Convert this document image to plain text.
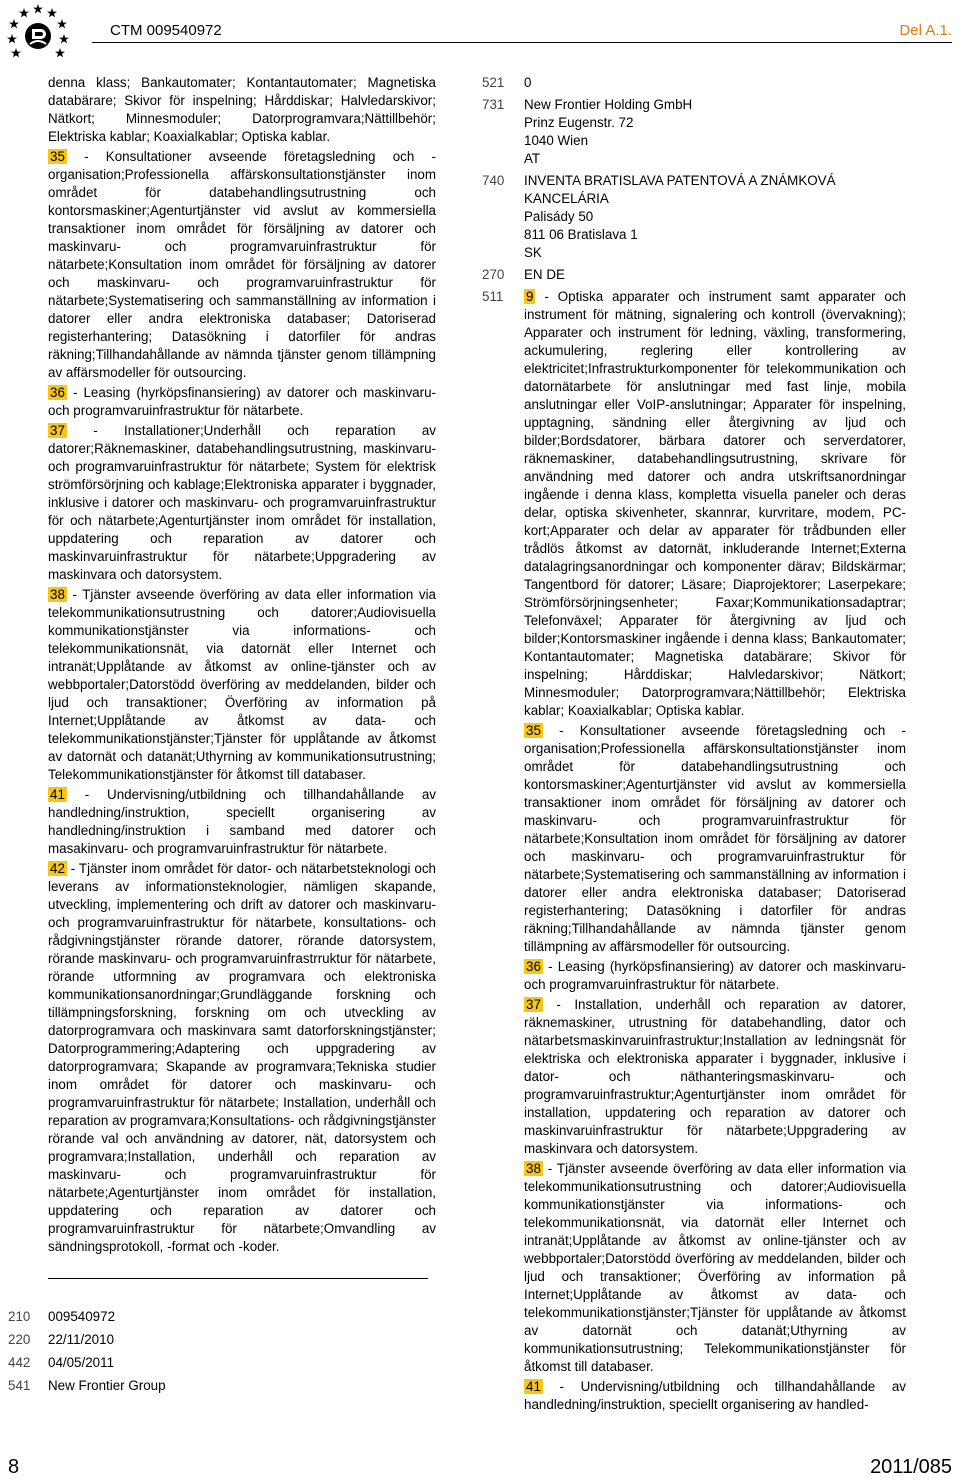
CTM 009540972	Del A.1.

denna klass; Bankautomater; Kontantautomater; Magnetiska databärare; Skivor för inspelning; Hårddiskar; Halvledarskivor; Nätkort; Minnesmoduler; Datorprogramvara;Nättillbehör; Elektriska kablar; Koaxialkablar; Optiska kablar.

35 - Konsultationer avseende företagsledning och -organisation;Professionella affärskonsultationstjänster inom området för databehandlingsutrustning och kontorsmaskiner;Agenturtjänster vid avslut av kommersiella transaktioner inom området för försäljning av datorer och maskinvaru- och programvaruinfrastruktur för nätarbete;Konsultation inom området för försäljning av datorer och maskinvaru- och programvaruinfrastruktur för nätarbete;Systematisering och sammanställning av information i datorer eller andra elektroniska databaser; Datoriserad registerhantering; Datasökning i datorfiler för andras räkning;Tillhandahållande av nämnda tjänster genom tillämpning av affärsmodeller för outsourcing.

36 - Leasing (hyrköpsfinansiering) av datorer och maskinvaru- och programvaruinfrastruktur för nätarbete.

37 - Installationer;Underhåll och reparation av datorer;Räknemaskiner, databehandlingsutrustning, maskinvaru- och programvaruinfrastruktur för nätarbete; System för elektrisk strömförsörjning och kablage;Elektroniska apparater i byggnader, inklusive i datorer och maskinvaru- och programvaruinfrastruktur för och nätarbete;Agenturtjänster inom området för installation, uppdatering och reparation av datorer och maskinvaruinfrastruktur för nätarbete;Uppgradering av maskinvara och datorsystem.

38 - Tjänster avseende överföring av data eller information via telekommunikationsutrustning och datorer;Audiovisuella kommunikationstjänster via informations- och telekommunikationsnät, via datornät eller Internet och intranät;Upplåtande av åtkomst av online-tjänster och av webbportaler;Datorstödd överföring av meddelanden, bilder och ljud och transaktioner; Överföring av information på Internet;Upplåtande av åtkomst av data- och telekommunikationstjänster;Tjänster för upplåtande av åtkomst av datornät och datanät;Uthyrning av kommunikationsutrustning; Telekommunikationstjänster för åtkomst till databaser.

41 - Undervisning/utbildning och tillhandahållande av handledning/instruktion, speciellt organisering av handledning/instruktion i samband med datorer och masakinvaru- och programvaruinfrastruktur för nätarbete.

42 - Tjänster inom området för dator- och nätarbetsteknologi och leverans av informationsteknologier, nämligen skapande, utveckling, implementering och drift av datorer och maskinvaru- och programvaruinfrastruktur för nätarbete, konsultations- och rådgivningstjänster rörande datorer, rörande datorsystem, rörande maskinvaru- och programvaruinfrastrruktur för nätarbete, rörande utformning av programvara och elektroniska kommunikationsanordningar;Grundläggande forskning och tillämpningsforskning, forskning om och utveckling av datorprogramvara och maskinvara samt datorforskningstjänster; Datorprogrammering;Adaptering och uppgradering av datorprogramvara; Skapande av programvara;Tekniska studier inom området för datorer och maskinvaru- och programvaruinfrastruktur för nätarbete; Installation, underhåll och reparation av programvara;Konsultations- och rådgivningstjänster rörande val och användning av datorer, nät, datorsystem och programvara;Installation, underhåll och reparation av maskinvaru- och programvaruinfrastruktur för nätarbete;Agenturtjänster inom området för installation, uppdatering och reparation av datorer och programvaruinfrastruktur för nätarbete;Omvandling av sändningsprotokoll, -format och -koder.

210	009540972
220	22/11/2010
442	04/05/2011
541	New Frontier Group
521	0
731	New Frontier Holding GmbH
Prinz Eugenstr. 72
1040 Wien
AT
740	INVENTA BRATISLAVA PATENTOVÁ A ZNÁMKOVÁ
KANCELÁRIA
Palisády 50
811 06 Bratislava 1
SK
270	EN DE
511	9 - Optiska apparater och instrument samt apparater och instrument för mätning, signalering och kontroll (övervakning); Apparater och instrument för ledning, växling, transformering, ackumulering, reglering eller kontrollering av elektricitet;Infrastrukturkomponenter för telekommunikation och datornätarbete för anslutningar med fast linje, mobila anslutningar eller VoIP-anslutningar; Apparater för inspelning, upptagning, sändning eller återgivning av ljud och bilder;Bordsdatorer, bärbara datorer och serverdatorer, räknemaskiner, databehandlingsutrustning, skrivare för användning med datorer och andra utskriftsanordningar ingående i denna klass, kompletta visuella paneler och deras delar, optiska skivenheter, skannrar, kurvritare, modem, PC-kort;Apparater och delar av apparater för trådbunden eller trådlös åtkomst av datornät, inkluderande Internet;Externa datalagringsanordningar och komponenter därav; Bildskärmar; Tangentbord för datorer; Läsare; Diaprojektorer; Laserpekare; Strömförsörjningsenheter; Faxar;Kommunikationsadaptrar; Telefonväxel; Apparater för återgivning av ljud och bilder;Kontorsmaskiner ingående i denna klass; Bankautomater; Kontantautomater; Magnetiska databärare; Skivor för inspelning; Hårddiskar; Halvledarskivor; Nätkort; Minnesmoduler; Datorprogramvara;Nättillbehör; Elektriska kablar; Koaxialkablar; Optiska kablar.

35 - Konsultationer avseende företagsledning och -organisation;Professionella affärskonsultationstjänster inom området för databehandlingsutrustning och kontorsmaskiner;Agenturtjänster vid avslut av kommersiella transaktioner inom området för försäljning av datorer och maskinvaru- och programvaruinfrastruktur för nätarbete;Konsultation inom området för försäljning av datorer och maskinvaru- och programvaruinfrastruktur för nätarbete;Systematisering och sammanställning av information i datorer eller andra elektroniska databaser; Datoriserad registerhantering; Datasökning i datorfiler för andras räkning;Tillhandahållande av nämnda tjänster genom tillämpning av affärsmodeller för outsourcing.

36 - Leasing (hyrköpsfinansiering) av datorer och maskinvaru- och programvaruinfrastruktur för nätarbete.

37 - Installation, underhåll och reparation av datorer, räknemaskiner, utrustning för databehandling, dator och nätarbetsmaskinvaruinfrastruktur;Installation av ledningsnät för elektriska och elektroniska apparater i byggnader, inklusive i dator- och näthanteringsmaskinvaru- och programvaruinfrastruktur;Agenturtjänster inom området för installation, uppdatering och reparation av datorer och maskinvaruinfrastruktur för nätarbete;Uppgradering av maskinvara och datorsystem.

38 - Tjänster avseende överföring av data eller information via telekommunikationsutrustning och datorer;Audiovisuella kommunikationstjänster via informations- och telekommunikationsnät, via datornät eller Internet och intranät;Upplåtande av åtkomst av online-tjänster och av webbportaler;Datorstödd överföring av meddelanden, bilder och ljud och transaktioner; Överföring av information på Internet;Upplåtande av åtkomst av data- och telekommunikationstjänster;Tjänster för upplåtande av åtkomst av datornät och datanät;Uthyrning av kommunikationsutrustning; Telekommunikationstjänster för åtkomst till databaser.

41 - Undervisning/utbildning och tillhandahållande av handledning/instruktion, speciellt organisering av handled-

8	2011/085
